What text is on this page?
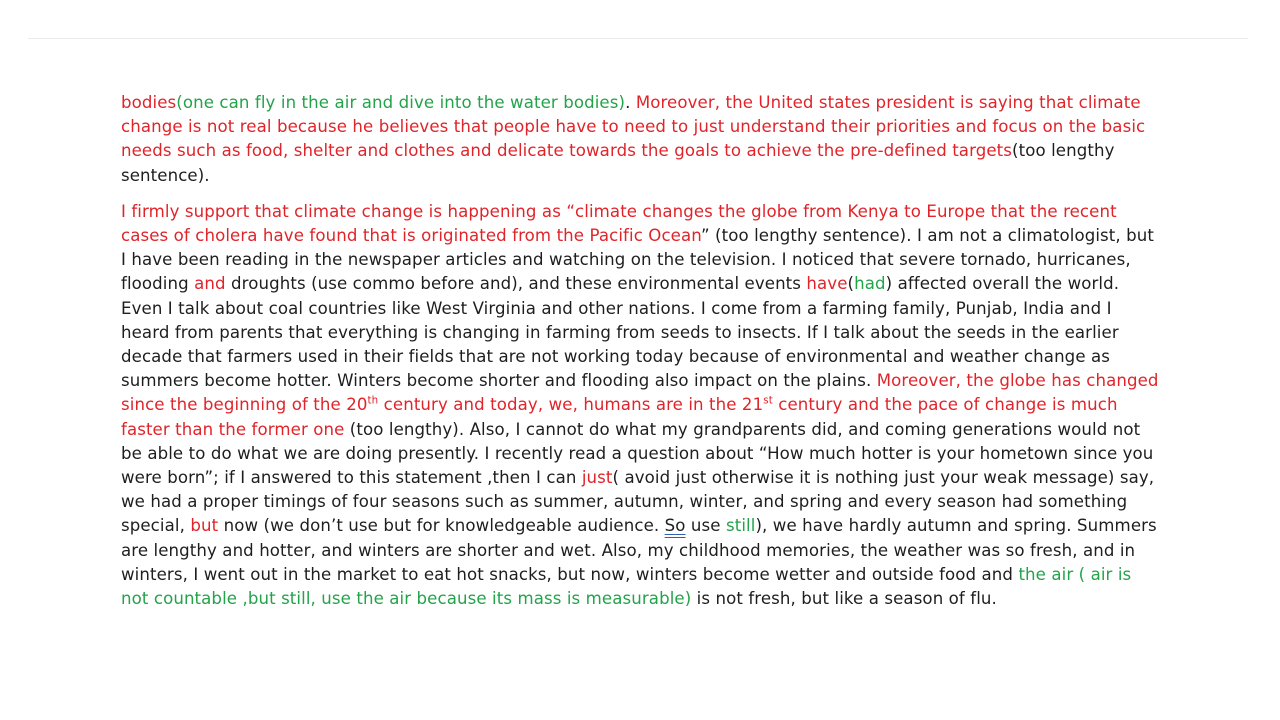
bodies(one can fly in the air and dive into the water bodies). Moreover, the United states president is saying that climate change is not real because he believes that people have to need to just understand their priorities and focus on the basic needs such as food, shelter and clothes and delicate towards the goals to achieve the pre-defined targets(too lengthy sentence).

I firmly support that climate change is happening as “climate changes the globe from Kenya to Europe that the recent cases of cholera have found that is originated from the Pacific Ocean” (too lengthy sentence). I am not a climatologist, but I have been reading in the newspaper articles and watching on the television. I noticed that severe tornado, hurricanes, flooding and droughts (use commo before and), and these environmental events have(had) affected overall the world. Even I talk about coal countries like West Virginia and other nations. I come from a farming family, Punjab, India and I heard from parents that everything is changing in farming from seeds to insects. If I talk about the seeds in the earlier decade that farmers used in their fields that are not working today because of environmental and weather change as summers become hotter. Winters become shorter and flooding also impact on the plains. Moreover, the globe has changed since the beginning of the 20th century and today, we, humans are in the 21st century and the pace of change is much faster than the former one (too lengthy). Also, I cannot do what my grandparents did, and coming generations would not be able to do what we are doing presently. I recently read a question about “How much hotter is your hometown since you were born”; if I answered to this statement ,then I can just( avoid just otherwise it is nothing just your weak message) say, we had a proper timings of four seasons such as summer, autumn, winter, and spring and every season had something special, but now (we don’t use but for knowledgeable audience. So use still), we have hardly autumn and spring. Summers are lengthy and hotter, and winters are shorter and wet. Also, my childhood memories, the weather was so fresh, and in winters, I went out in the market to eat hot snacks, but now, winters become wetter and outside food and the air ( air is not countable ,but still, use the air because its mass is measurable) is not fresh, but like a season of flu.
